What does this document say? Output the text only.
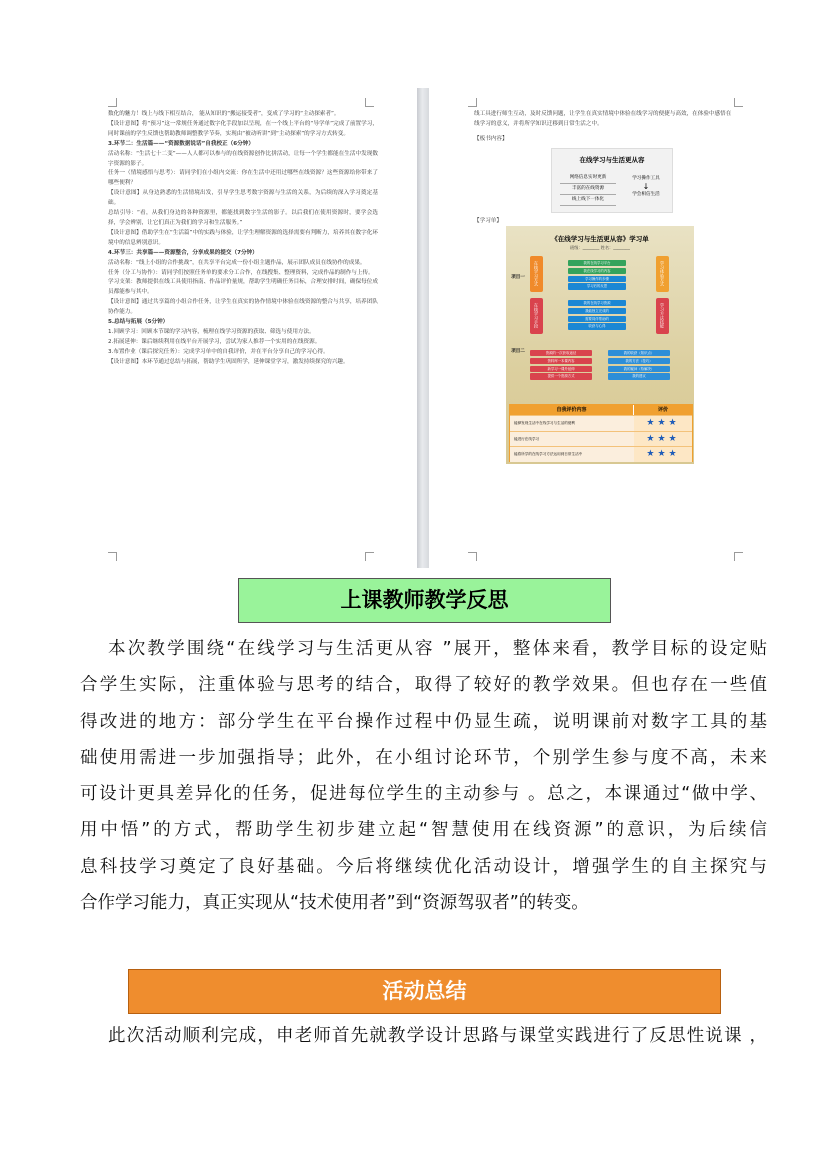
数化的魅力！线上与线下相互结合， 能从知识的“搬运接受者”，变成了学习的“主动探索者”。

【设计意图】将“预习”这一常规任务通过数字化手段加以呈现，在一个线上平台的“导学单”完成了前置学习，同时课前的学生反馈也帮助教师调整教学节奏，实现由“被动听讲”到“主动探索”的学习方式转变。

3.环节二：生活篇——“资源数据说话”自我校正（6分钟）

活动名称：“生活七十二变”——人人都可以参与的在线资源创作比拼活动，让每一个学生都能在生活中发现数字资源的影子。

任务一（情境感悟与思考）：请同学们在小组内交流：你在生活中还用过哪些在线资源？这些资源给你带来了哪些便利？

【设计意图】从身边熟悉的生活情境出发，引导学生思考数字资源与生活的关系，为后续的深入学习奠定基础。

总结引导：“看，从我们身边的各种资源里，都能找到数字生活的影子。以后我们在使用资源时，要学会选择，学会辨别，让它们真正为我们的学习和生活服务。”

【设计意图】借助学生在“生活篇”中的实践与体验，让学生理解资源的选择需要有判断力，培养其在数字化环境中的信息辨别意识。

4.环节三：共享篇——资源整合，分享成果的提交（7分钟）

活动名称：“线上小组的合作挑战”，在共享平台完成一份小组主题作品，展示团队成员在线协作的成果。

任务（分工与协作）：请同学们按照任务单的要求分工合作，在线搜集、整理资料，完成作品的制作与上传。

学习支架：教师提供在线工具使用指南、作品评价量规，帮助学生明确任务目标，合理安排时间，确保每位成员都能参与其中。

【设计意图】通过共享篇的小组合作任务，让学生在真实的协作情境中体验在线资源的整合与共享，培养团队协作能力。

5.总结与拓展（5分钟）

1.回顾学习：回顾本节课的学习内容，梳理在线学习资源的获取、筛选与使用方法。

2.拓展延伸：课后继续利用在线平台开展学习，尝试为家人推荐一个实用的在线资源。

3.布置作业（课后探究任务）：完成学习单中的自我评价，并在平台分享自己的学习心得。

【设计意图】本环节通过总结与拓展，帮助学生巩固所学，延伸课堂学习，激发持续探究的兴趣。

线工具进行师生互动，及时反馈问题，让学生在真实情境中体验在线学习的便捷与高效，在体验中感悟在线学习的意义，并将所学知识迁移到日常生活之中。

【板书内容】
在线学习与生活更从容
网络信息实时更新
丰富的在线资源
线上线下一体化
学习操作工具
↓
学会相信生活
【学习单】
《在线学习与生活更从容》学习单
班级：________ 姓名：________
项目一
项目二
在线学习方式
在线学习手段
学习体验方式
学习方法技能
我的在线学习平台
我在线学习的内容
学习操作的步骤
学习后的反思
我的在线学习资源
我能独立完成的
需要同伴帮助的
收获与心得
资源的一次获取途径
资料库一本课内容
新学习一课外延伸
提供一个资源方式
我的收获（知识点）
我的方法（技巧）
我的疑问（待解决）
我的建议
自我评价内容	评价
能够发现生活中在线学习与生活的便利	★★★
能进行在线学习	★★★
能将所学的在线学习方法运用到日常生活中	★★★
上课教师教学反思
本次教学围绕“在线学习与生活更从容 ”展开，整体来看，教学目标的设定贴
合学生实际，注重体验与思考的结合，取得了较好的教学效果。但也存在一些值
得改进的地方：部分学生在平台操作过程中仍显生疏，说明课前对数字工具的基
础使用需进一步加强指导；此外，在小组讨论环节，个别学生参与度不高，未来
可设计更具差异化的任务，促进每位学生的主动参与 。总之，本课通过“做中学、
用中悟”的方式，帮助学生初步建立起“智慧使用在线资源”的意识，为后续信
息科技学习奠定了良好基础。今后将继续优化活动设计，增强学生的自主探究与
合作学习能力，真正实现从“技术使用者”到“资源驾驭者”的转变。
活动总结
此次活动顺利完成，申老师首先就教学设计思路与课堂实践进行了反思性说课 ，
